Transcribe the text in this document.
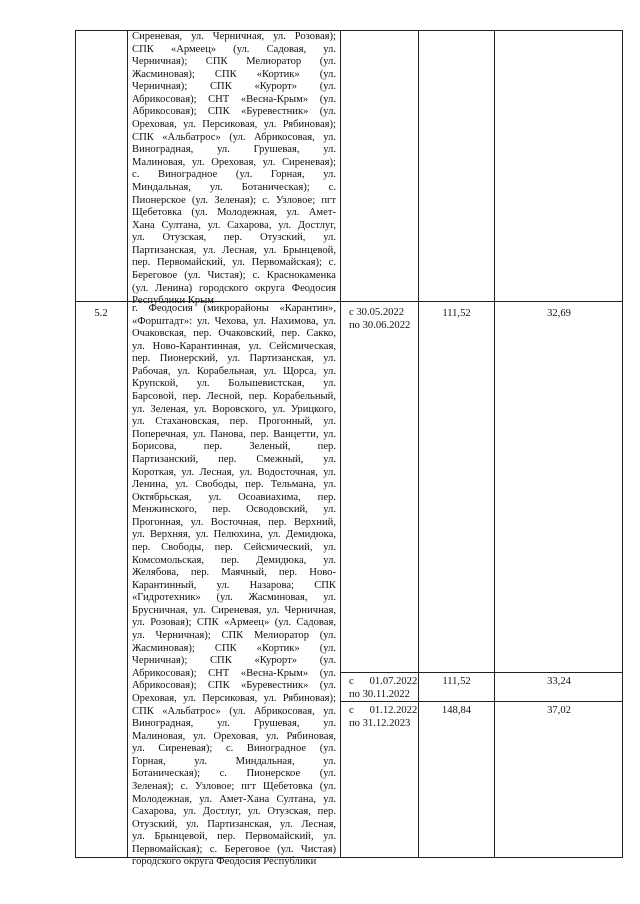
Сиреневая, ул. Черничная, ул. Розовая);
СПК «Армеец» (ул. Садовая, ул.
Черничная); СПК Мелиоратор (ул.
Жасминовая); СПК «Кортик» (ул.
Черничная); СПК «Курорт» (ул.
Абрикосовая); СНТ «Весна-Крым» (ул.
Абрикосовая); СПК «Буревестник» (ул.
Ореховая, ул. Персиковая, ул. Рябиновая);
СПК «Альбатрос» (ул. Абрикосовая, ул.
Виноградная, ул. Грушевая, ул.
Малиновая, ул. Ореховая, ул. Сиреневая);
с. Виноградное (ул. Горная, ул.
Миндальная, ул. Ботаническая); с.
Пионерское (ул. Зеленая); с. Узловое; пгт
Щебетовка (ул. Молодежная, ул. Амет-
Хана Султана, ул. Сахарова, ул. Достлуг,
ул. Отузская, пер. Отузский, ул.
Партизанская, ул. Лесная, ул. Брынцевой,
пер. Первомайский, ул. Первомайская); с.
Береговое (ул. Чистая); с. Краснокаменка
(ул. Ленина) городского округа Феодосия
Республики Крым
5.2	г. Феодосия (микрорайоны «Карантин»,
«Форштадт»: ул. Чехова, ул. Нахимова, ул.
Очаковская, пер. Очаковский, пер. Сакко,
ул. Ново-Карантинная, ул. Сейсмическая,
пер. Пионерский, ул. Партизанская, ул.
Рабочая, ул. Корабельная, ул. Щорса, ул.
Крупской, ул. Большевистская, ул.
Барсовой, пер. Лесной, пер. Корабельный,
ул. Зеленая, ул. Воровского, ул. Урицкого,
ул. Стахановская, пер. Прогонный, ул.
Поперечная, ул. Панова, пер. Ванцетти, ул.
Борисова, пер. Зеленый, пер.
Партизанский, пер. Смежный, ул.
Короткая, ул. Лесная, ул. Водосточная, ул.
Ленина, ул. Свободы, пер. Тельмана, ул.
Октябрьская, ул. Осоавиахима, пер.
Менжинского, пер. Осводовский, ул.
Прогонная, ул. Восточная, пер. Верхний,
ул. Верхняя, ул. Пелюхина, ул. Демидюка,
пер. Свободы, пер. Сейсмический, ул.
Комсомольская, пер. Демидюка, ул.
Желябова, пер. Маячный, пер. Ново-
Карантинный, ул. Назарова; СПК
«Гидротехник» (ул. Жасминовая, ул.
Брусничная, ул. Сиреневая, ул. Черничная,
ул. Розовая); СПК «Армеец» (ул. Садовая,
ул. Черничная); СПК Мелиоратор (ул.
Жасминовая); СПК «Кортик» (ул.
Черничная); СПК «Курорт» (ул.
Абрикосовая); СНТ «Весна-Крым» (ул.
Абрикосовая); СПК «Буревестник» (ул.
Ореховая, ул. Персиковая, ул. Рябиновая);
СПК «Альбатрос» (ул. Абрикосовая, ул.
Виноградная, ул. Грушевая, ул.
Малиновая, ул. Ореховая, ул. Рябиновая,
ул. Сиреневая); с. Виноградное (ул.
Горная, ул. Миндальная, ул.
Ботаническая); с. Пионерское (ул.
Зеленая); с. Узловое; пгт Щебетовка (ул.
Молодежная, ул. Амет-Хана Султана, ул.
Сахарова, ул. Достлуг, ул. Отузская, пер.
Отузский, ул. Партизанская, ул. Лесная,
ул. Брынцевой, пер. Первомайский, ул.
Первомайская); с. Береговое (ул. Чистая)
городского округа Феодосия Республики
с 30.05.2022
по 30.06.2022
111,52	32,69
с      01.07.2022
по 30.11.2022
111,52	33,24
с      01.12.2022
по 31.12.2023
148,84	37,02
